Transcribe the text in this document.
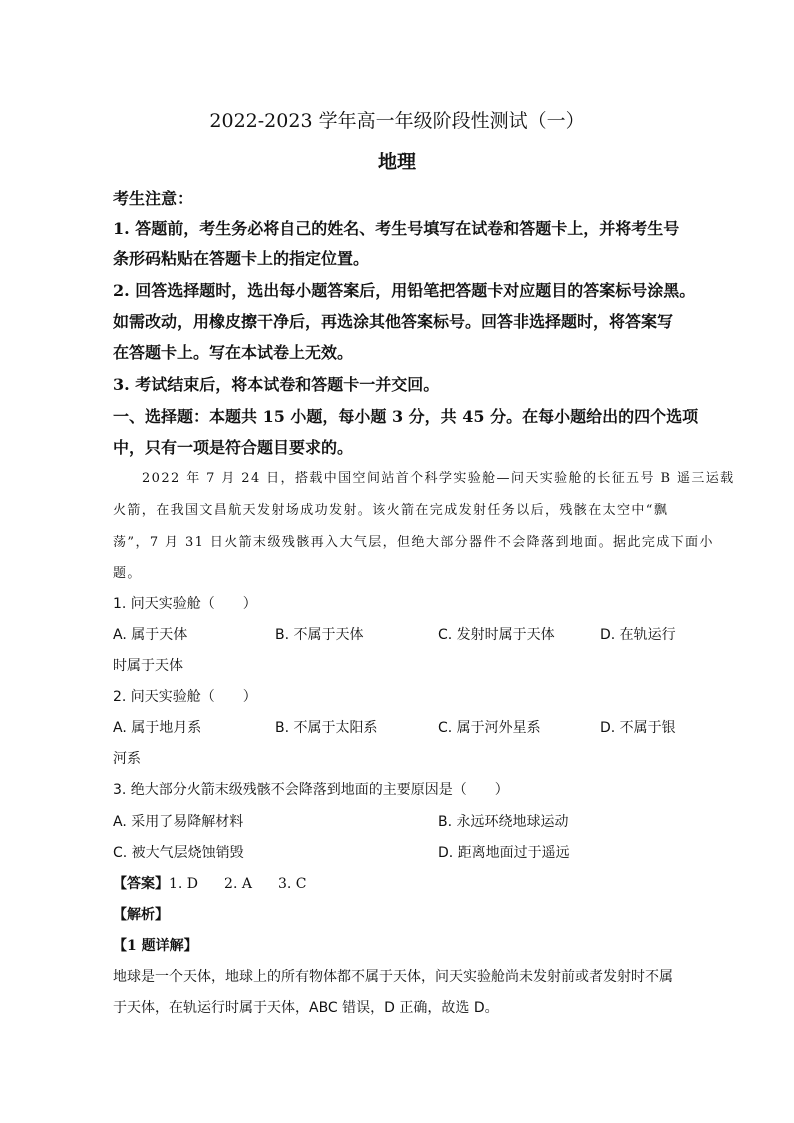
2022-2023 学年高一年级阶段性测试（一）
地理
考生注意：
1. 答题前，考生务必将自己的姓名、考生号填写在试卷和答题卡上，并将考生号
条形码粘贴在答题卡上的指定位置。
2. 回答选择题时，选出每小题答案后，用铅笔把答题卡对应题目的答案标号涂黑。
如需改动，用橡皮擦干净后，再选涂其他答案标号。回答非选择题时，将答案写
在答题卡上。写在本试卷上无效。
3. 考试结束后，将本试卷和答题卡一并交回。
一、选择题：本题共 15 小题，每小题 3 分，共 45 分。在每小题给出的四个选项
中，只有一项是符合题目要求的。
2022 年 7 月 24 日，搭载中国空间站首个科学实验舱—问天实验舱的长征五号 B 遥三运载
火箭，在我国文昌航天发射场成功发射。该火箭在完成发射任务以后，残骸在太空中“飘
荡”，7 月 31 日火箭末级残骸再入大气层，但绝大部分器件不会降落到地面。据此完成下面小
题。
1. 问天实验舱（　　）
A. 属于天体	B. 不属于天体	C. 发射时属于天体	D. 在轨运行
时属于天体
2. 问天实验舱（　　）
A. 属于地月系	B. 不属于太阳系	C. 属于河外星系	D. 不属于银
河系
3. 绝大部分火箭末级残骸不会降落到地面的主要原因是（　　）
A. 采用了易降解材料	B. 永远环绕地球运动
C. 被大气层烧蚀销毁	D. 距离地面过于遥远
【答案】1. D 2. A 3. C
【解析】
【1 题详解】
地球是一个天体，地球上的所有物体都不属于天体，问天实验舱尚未发射前或者发射时不属
于天体，在轨运行时属于天体，ABC 错误，D 正确，故选 D。
